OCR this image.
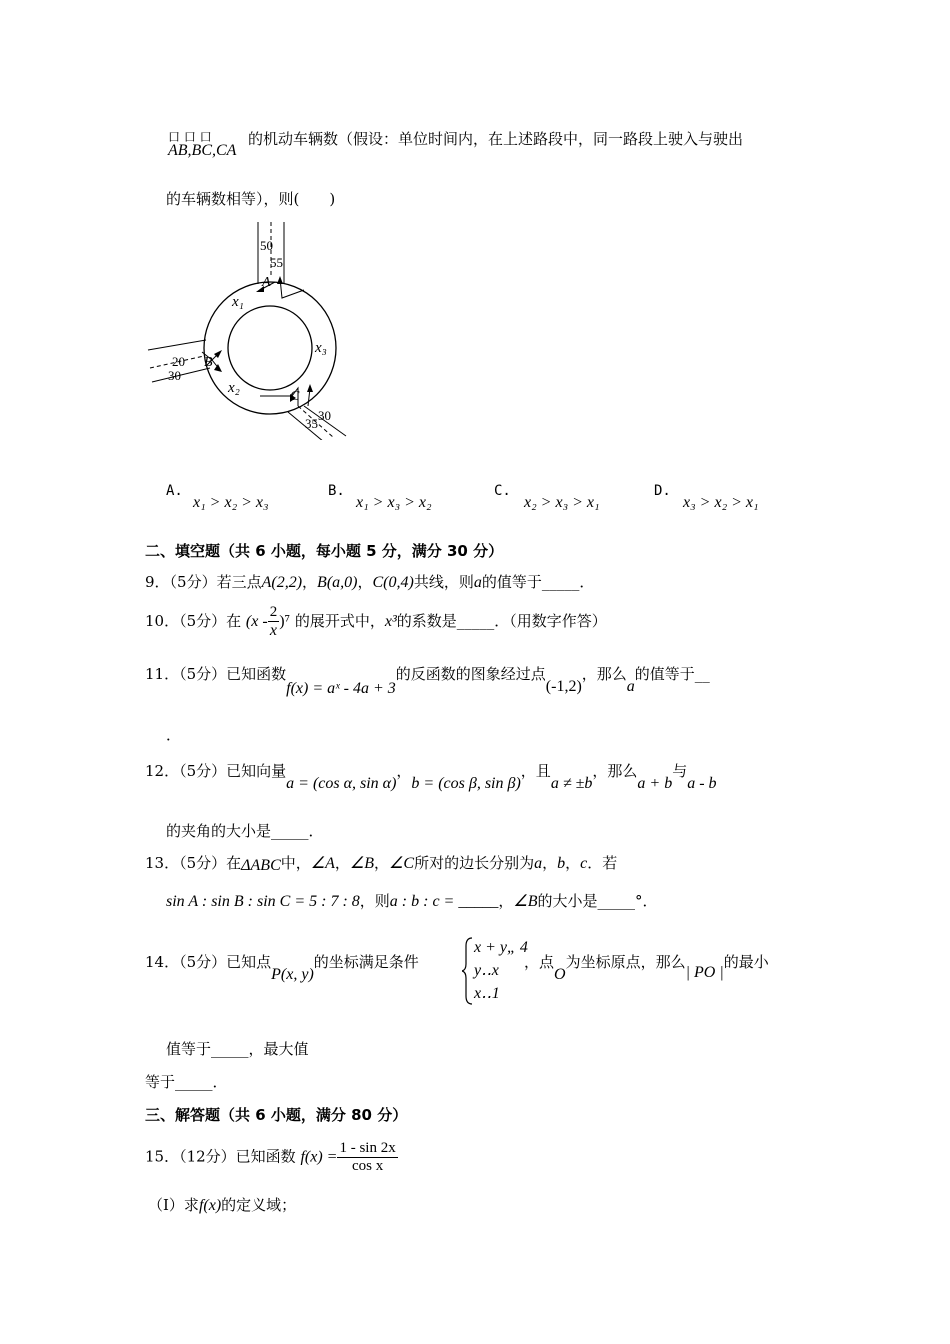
口 口 口
AB,BC,CA
的机动车辆数（假设：单位时间内，在上述路段中，同一路段上驶入与驶出
的车辆数相等），则(　　)
50
55
A
20
30
B
30
35
C
x₁
x₂
x₃
A.
x₁ > x₂ > x₃
B.
x₁ > x₃ > x₂
C.
x₂ > x₃ > x₁
D.
x₃ > x₂ > x₁
二、填空题（共 6 小题，每小题 5 分，满分 30 分）
9．（5分）若三点A(2,2)，B(a,0)，C(0,4)共线，则a的值等于_____．
10．（5分）在 $(x - \frac{2}{x} )^7$ 的展开式中，x³的系数是_____．（用数字作答）
11．（5分）已知函数f(x) = aˣ - 4a + 3的反函数的图象经过点(-1,2)，那么a的值等于__
．
12．（5分）已知向量a = (cos α, sin α)，b = (cos β, sin β)，且a ≠ ±b，那么a + b与a - b
的夹角的大小是_____．
13．（5分）在ΔABC中，∠A，∠B，∠C所对的边长分别为a，b，c．若
sin A : sin B : sin C = 5 : 7 : 8，则a : b : c = _____，∠B的大小是_____°．
14．（5分）已知点P(x, y)的坐标满足条件
x + y„ 4
y‥x
x‥1
，点O为坐标原点，那么| PO |的最小
值等于_____，最大值
等于_____．
三、解答题（共 6 小题，满分 80 分）
15．（12分）已知函数 $f(x) = \frac{1 - \sin 2x}{\text{cos x}}$
（Ⅰ）求f(x)的定义域；
